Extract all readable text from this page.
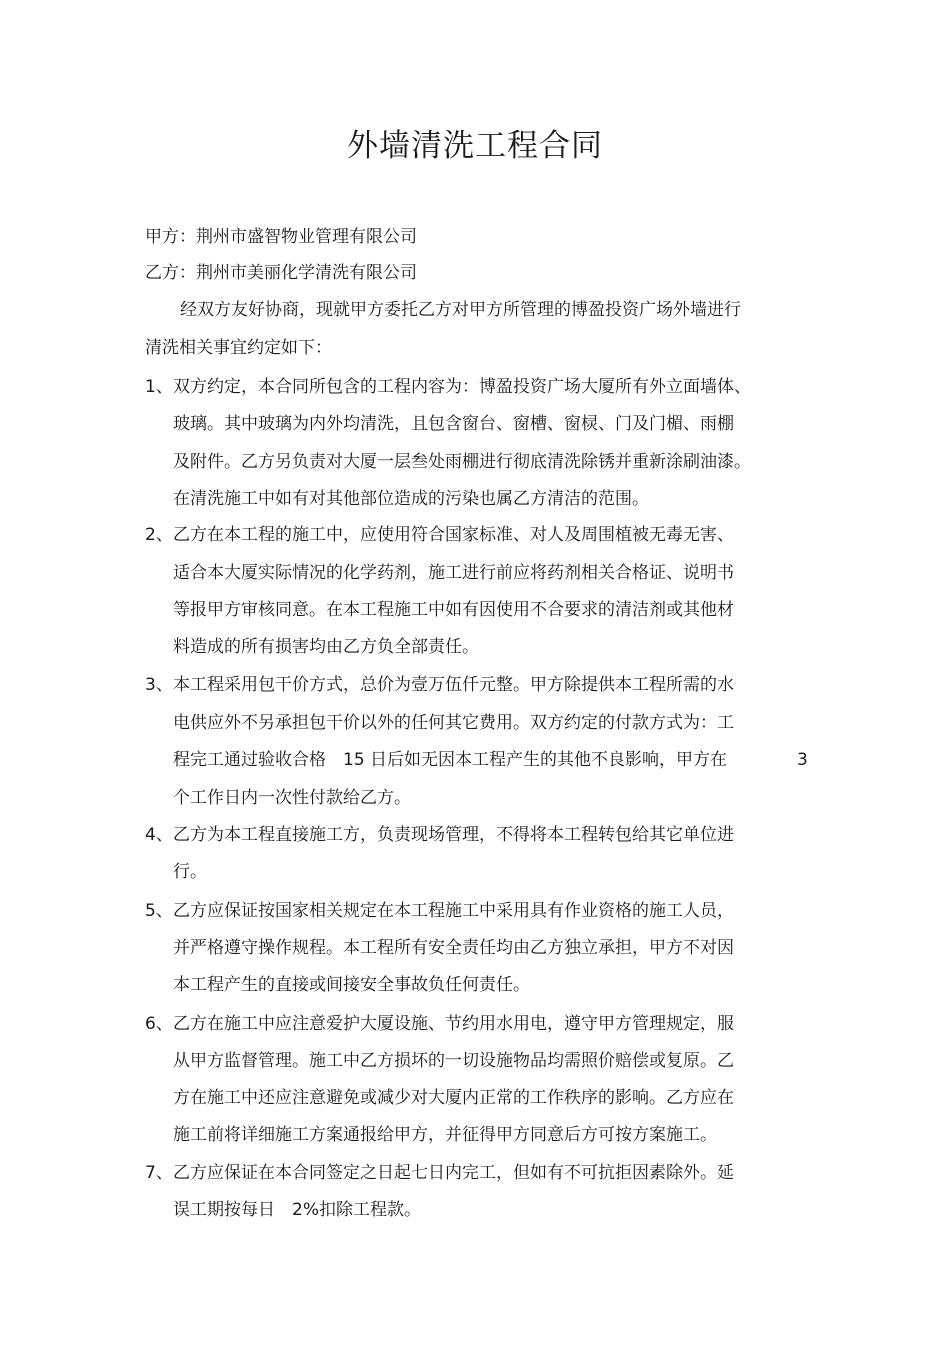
外墙清洗工程合同
甲方：荆州市盛智物业管理有限公司
乙方：荆州市美丽化学清洗有限公司
经双方友好协商，现就甲方委托乙方对甲方所管理的博盈投资广场外墙进行
清洗相关事宜约定如下：
1、 双方约定，本合同所包含的工程内容为：博盈投资广场大厦所有外立面墙体、
玻璃。其中玻璃为内外均清洗，且包含窗台、窗槽、窗棂、门及门楣、雨棚
及附件。乙方另负责对大厦一层叁处雨棚进行彻底清洗除锈并重新涂刷油漆。
在清洗施工中如有对其他部位造成的污染也属乙方清洁的范围。
2、 乙方在本工程的施工中，应使用符合国家标准、对人及周围植被无毒无害、
适合本大厦实际情况的化学药剂，施工进行前应将药剂相关合格证、说明书
等报甲方审核同意。在本工程施工中如有因使用不合要求的清洁剂或其他材
料造成的所有损害均由乙方负全部责任。
3、 本工程采用包干价方式，总价为壹万伍仟元整。甲方除提供本工程所需的水
电供应外不另承担包干价以外的任何其它费用。双方约定的付款方式为：工
程完工通过验收合格　15 日后如无因本工程产生的其他不良影响，甲方在	3
个工作日内一次性付款给乙方。
4、 乙方为本工程直接施工方，负责现场管理，不得将本工程转包给其它单位进
行。
5、 乙方应保证按国家相关规定在本工程施工中采用具有作业资格的施工人员，
并严格遵守操作规程。本工程所有安全责任均由乙方独立承担，甲方不对因
本工程产生的直接或间接安全事故负任何责任。
6、 乙方在施工中应注意爱护大厦设施、节约用水用电，遵守甲方管理规定，服
从甲方监督管理。施工中乙方损坏的一切设施物品均需照价赔偿或复原。乙
方在施工中还应注意避免或减少对大厦内正常的工作秩序的影响。乙方应在
施工前将详细施工方案通报给甲方，并征得甲方同意后方可按方案施工。
7、 乙方应保证在本合同签定之日起七日内完工，但如有不可抗拒因素除外。延
误工期按每日　2%扣除工程款。
